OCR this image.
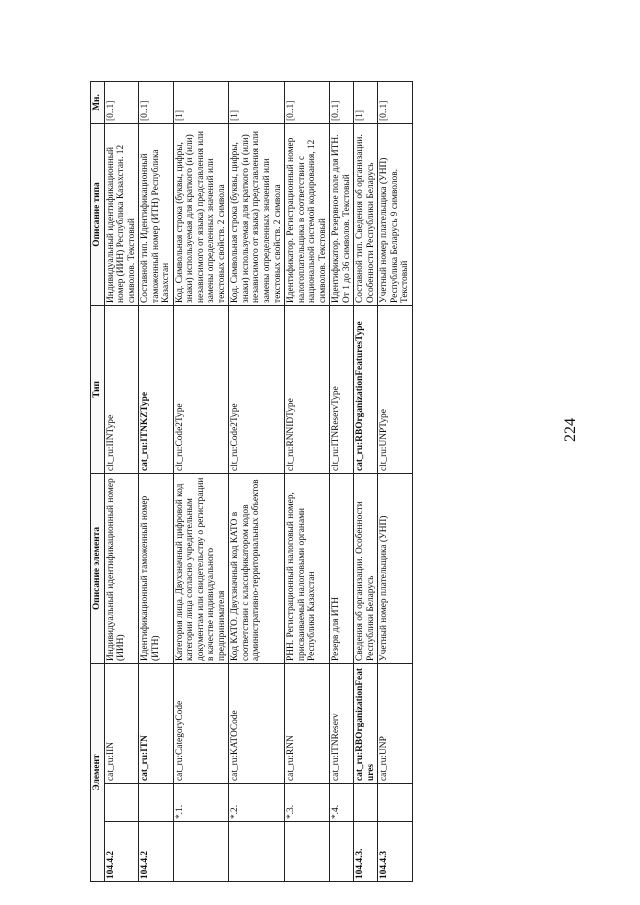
224
Элемент			Описание элемента	Тип	Описание типа	Мн.
104.4.2		cat_ru:IIN	Индивидуальный идентификационный номер (ИИН)	clt_ru:IINType	Индивидуальный идентификационный номер (ИИН) Республика Казахстан. 12 символов. Текстовый	[0..1]
104.4.2		cat_ru:ITN	Идентификационный таможенный номер (ИТН)	cat_ru:ITNKZType	Составной тип. Идентификационный таможенный номер (ИТН) Республика Казахстан	[0..1]
	*.1.	cat_ru:CategoryCode	Категория лица. Двухзначный цифровой код категории лица согласно учредительным документам или свидетельству о регистрации в качестве индивидуального предпринимателя	clt_ru:Code2Type	Код. Символьная строка (буквы, цифры, знаки) используемая для краткого (и (или) независимого от языка) представления или замены определенных значений или текстовых свойств. 2 символа	[1]
	*.2.	cat_ru:KATOCode	Код КАТО. Двухзначный код КАТО в соответствии с классификатором кодов административно-территориальных объектов	clt_ru:Code2Type	Код. Символьная строка (буквы, цифры, знаки) используемая для краткого (и (или) независимого от языка) представления или замены определенных значений или текстовых свойств. 2 символа	[1]
	*.3.	cat_ru:RNN	РНН. Регистрационный налоговый номер, присваиваемый налоговыми органами Республики Казахстан	clt_ru:RNNIDType	Идентификатор. Регистрационный номер налогоплательщика в соответствии с национальной системой кодирования, 12 символов. Текстовый	[0..1]
	*.4.	cat_ru:ITNReserv	Резерв для ИТН	clt_ru:ITNReservType	Идентификатор. Резервное поле для ИТН. От 1 до 36 символов. Текстовый	[0..1]
104.4.3.		cat_ru:RBOrganizationFeatures	Сведения об организации. Особенности Республики Беларусь	cat_ru:RBOrganizationFeaturesType	Составной тип. Сведения об организации. Особенности Республики Беларусь	[1]
104.4.3		cat_ru:UNP	Учетный номер плательщика (УНП)	clt_ru:UNPType	Учетный номер плательщика (УНП) Республика Беларусь 9 символов. Текстовый	[0..1]
